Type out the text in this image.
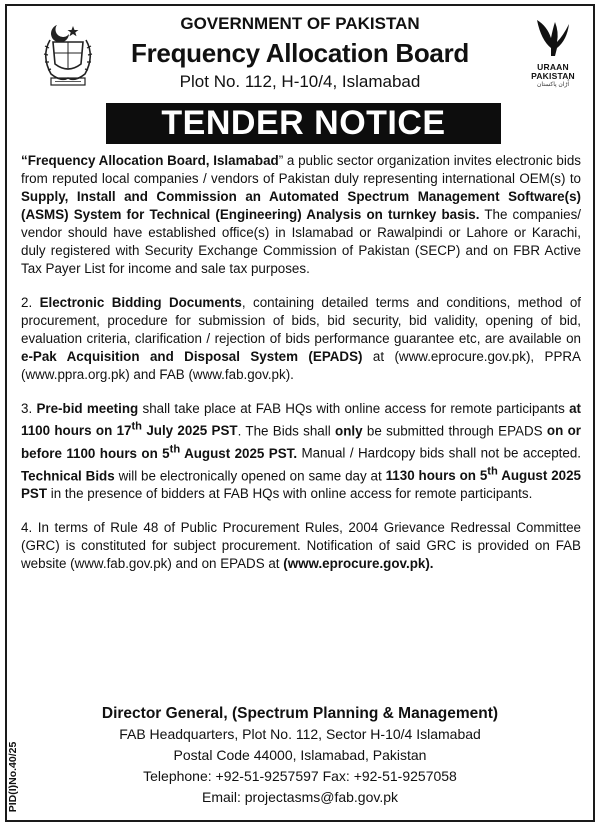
GOVERNMENT OF PAKISTAN
Frequency Allocation Board
Plot No. 112, H-10/4, Islamabad
URAAN PAKISTAN
اُڑان پاکستان
TENDER NOTICE

“Frequency Allocation Board, Islamabad” a public sector organization invites electronic bids from reputed local companies / vendors of Pakistan duly representing international OEM(s) to Supply, Install and Commission an Automated Spectrum Management Software(s) (ASMS) System for Technical (Engineering) Analysis on turnkey basis. The companies/ vendor should have established office(s) in Islamabad or Rawalpindi or Lahore or Karachi, duly registered with Security Exchange Commission of Pakistan (SECP) and on FBR Active Tax Payer List for income and sale tax purposes.

2. Electronic Bidding Documents, containing detailed terms and conditions, method of procurement, procedure for submission of bids, bid security, bid validity, opening of bid, evaluation criteria, clarification / rejection of bids performance guarantee etc, are available on e-Pak Acquisition and Disposal System (EPADS) at (www.eprocure.gov.pk), PPRA (www.ppra.org.pk) and FAB (www.fab.gov.pk).

3. Pre-bid meeting shall take place at FAB HQs with online access for remote participants at 1100 hours on 17th July 2025 PST. The Bids shall only be submitted through EPADS on or before 1100 hours on 5th August 2025 PST. Manual / Hardcopy bids shall not be accepted. Technical Bids will be electronically opened on same day at 1130 hours on 5th August 2025 PST in the presence of bidders at FAB HQs with online access for remote participants.

4. In terms of Rule 48 of Public Procurement Rules, 2004 Grievance Redressal Committee (GRC) is constituted for subject procurement. Notification of said GRC is provided on FAB website (www.fab.gov.pk) and on EPADS at (www.eprocure.gov.pk).

Director General, (Spectrum Planning & Management)
FAB Headquarters, Plot No. 112, Sector H-10/4 Islamabad
Postal Code 44000, Islamabad, Pakistan
Telephone: +92-51-9257597 Fax: +92-51-9257058
Email: projectasms@fab.gov.pk
PID(I)No.40/25
